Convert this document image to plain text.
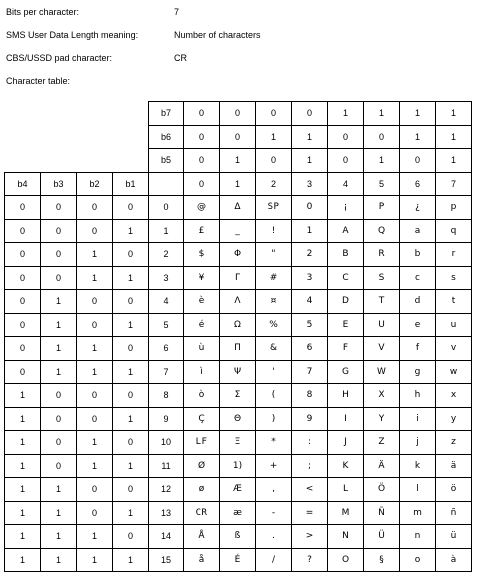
Bits per character:	7
SMS User Data Length meaning:	Number of characters
CBS/USSD pad character:	CR
Character table:
				b7	0	0	0	0	1	1	1	1
				b6	0	0	1	1	0	0	1	1
				b5	0	1	0	1	0	1	0	1
b4	b3	b2	b1		0	1	2	3	4	5	6	7
0	0	0	0	0	@	Δ	SP	0	¡	P	¿	p
0	0	0	1	1	£	_	!	1	A	Q	a	q
0	0	1	0	2	$	Φ	"	2	B	R	b	r
0	0	1	1	3	¥	Γ	#	3	C	S	c	s
0	1	0	0	4	è	Λ	¤	4	D	T	d	t
0	1	0	1	5	é	Ω	%	5	E	U	e	u
0	1	1	0	6	ù	Π	&	6	F	V	f	v
0	1	1	1	7	ì	Ψ	'	7	G	W	g	w
1	0	0	0	8	ò	Σ	(	8	H	X	h	x
1	0	0	1	9	Ç	Θ	)	9	I	Y	i	y
1	0	1	0	10	LF	Ξ	*	:	J	Z	j	z
1	0	1	1	11	Ø	1)	+	;	K	Ä	k	ä
1	1	0	0	12	ø	Æ	,	<	L	Ö	l	ö
1	1	0	1	13	CR	æ	-	=	M	Ñ	m	ñ
1	1	1	0	14	Å	ß	.	>	N	Ü	n	ü
1	1	1	1	15	å	É	/	?	O	§	o	à
